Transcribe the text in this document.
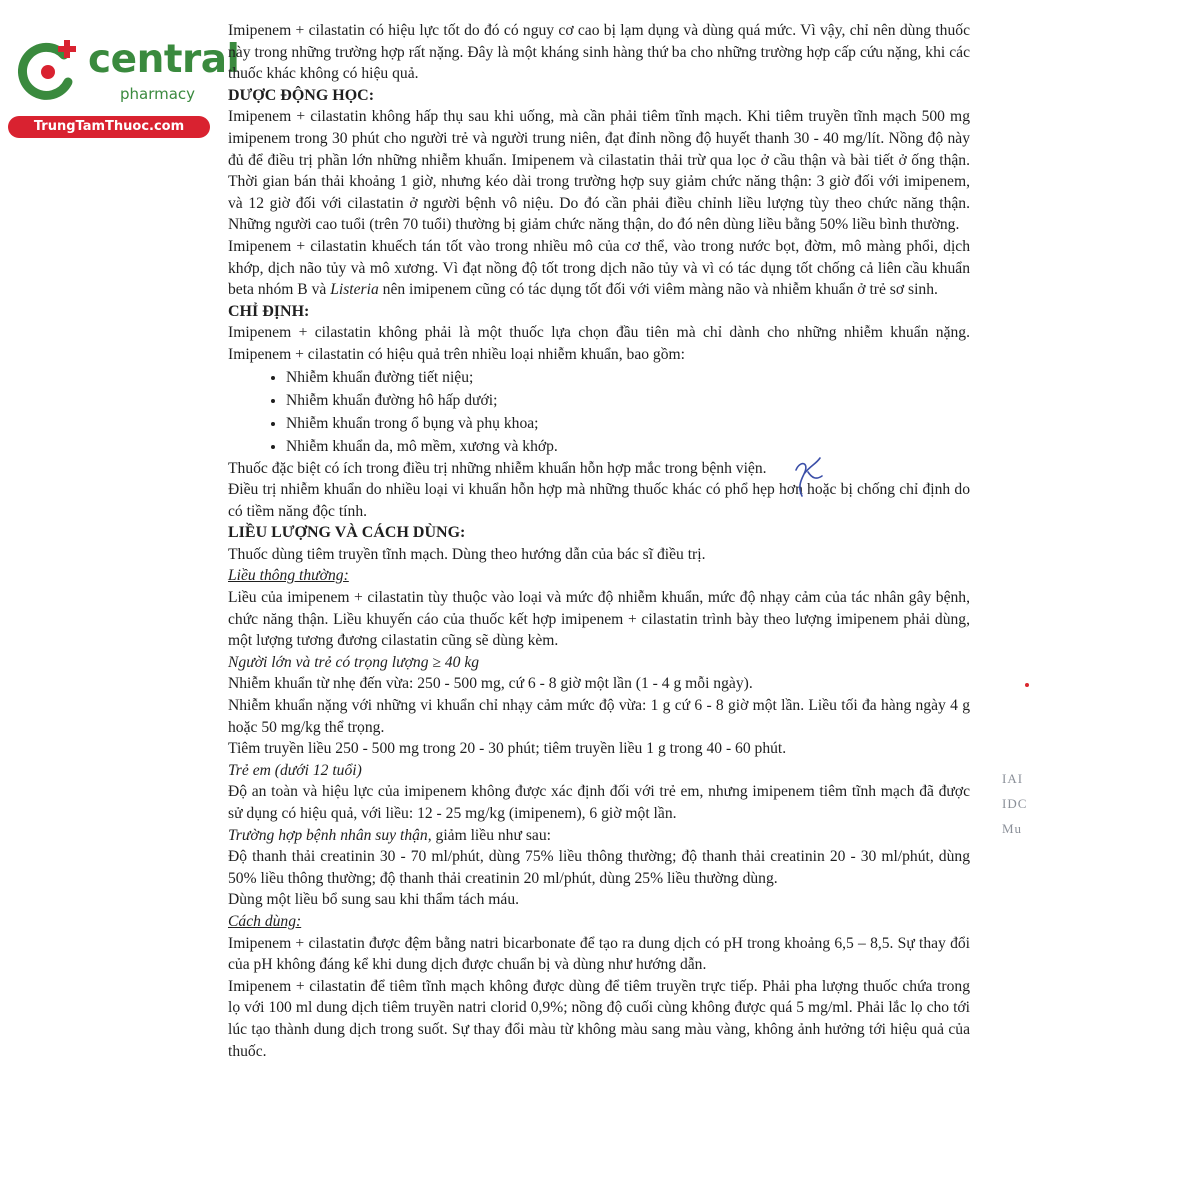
central
pharmacy
TrungTamThuoc.com

Imipenem + cilastatin có hiệu lực tốt do đó có nguy cơ cao bị lạm dụng và dùng quá mức. Vì vậy, chỉ nên dùng thuốc này trong những trường hợp rất nặng. Đây là một kháng sinh hàng thứ ba cho những trường hợp cấp cứu nặng, khi các thuốc khác không có hiệu quả.

DƯỢC ĐỘNG HỌC:

Imipenem + cilastatin không hấp thụ sau khi uống, mà cần phải tiêm tĩnh mạch. Khi tiêm truyền tĩnh mạch 500 mg imipenem trong 30 phút cho người trẻ và người trung niên, đạt đỉnh nồng độ huyết thanh 30 - 40 mg/lít. Nồng độ này đủ để điều trị phần lớn những nhiễm khuẩn. Imipenem và cilastatin thải trừ qua lọc ở cầu thận và bài tiết ở ống thận. Thời gian bán thải khoảng 1 giờ, nhưng kéo dài trong trường hợp suy giảm chức năng thận: 3 giờ đối với imipenem, và 12 giờ đối với cilastatin ở người bệnh vô niệu. Do đó cần phải điều chỉnh liều lượng tùy theo chức năng thận. Những người cao tuổi (trên 70 tuổi) thường bị giảm chức năng thận, do đó nên dùng liều bằng 50% liều bình thường.

Imipenem + cilastatin khuếch tán tốt vào trong nhiều mô của cơ thể, vào trong nước bọt, đờm, mô màng phổi, dịch khớp, dịch não tủy và mô xương. Vì đạt nồng độ tốt trong dịch não tủy và vì có tác dụng tốt chống cả liên cầu khuẩn beta nhóm B và Listeria nên imipenem cũng có tác dụng tốt đối với viêm màng não và nhiễm khuẩn ở trẻ sơ sinh.

CHỈ ĐỊNH:

Imipenem + cilastatin không phải là một thuốc lựa chọn đầu tiên mà chỉ dành cho những nhiễm khuẩn nặng. Imipenem + cilastatin có hiệu quả trên nhiều loại nhiễm khuẩn, bao gồm:

• Nhiễm khuẩn đường tiết niệu;
• Nhiễm khuẩn đường hô hấp dưới;
• Nhiễm khuẩn trong ổ bụng và phụ khoa;
• Nhiễm khuẩn da, mô mềm, xương và khớp.

Thuốc đặc biệt có ích trong điều trị những nhiễm khuẩn hỗn hợp mắc trong bệnh viện.

Điều trị nhiễm khuẩn do nhiều loại vi khuẩn hỗn hợp mà những thuốc khác có phổ hẹp hơn hoặc bị chống chỉ định do có tiềm năng độc tính.

LIỀU LƯỢNG VÀ CÁCH DÙNG:

Thuốc dùng tiêm truyền tĩnh mạch. Dùng theo hướng dẫn của bác sĩ điều trị.

Liều thông thường:

Liều của imipenem + cilastatin tùy thuộc vào loại và mức độ nhiễm khuẩn, mức độ nhạy cảm của tác nhân gây bệnh, chức năng thận. Liều khuyến cáo của thuốc kết hợp imipenem + cilastatin trình bày theo lượng imipenem phải dùng, một lượng tương đương cilastatin cũng sẽ dùng kèm.

Người lớn và trẻ có trọng lượng ≥ 40 kg

Nhiễm khuẩn từ nhẹ đến vừa: 250 - 500 mg, cứ 6 - 8 giờ một lần (1 - 4 g mỗi ngày).

Nhiễm khuẩn nặng với những vi khuẩn chỉ nhạy cảm mức độ vừa: 1 g cứ 6 - 8 giờ một lần. Liều tối đa hàng ngày 4 g hoặc 50 mg/kg thể trọng.

Tiêm truyền liều 250 - 500 mg trong 20 - 30 phút; tiêm truyền liều 1 g trong 40 - 60 phút.

Trẻ em (dưới 12 tuổi)

Độ an toàn và hiệu lực của imipenem không được xác định đối với trẻ em, nhưng imipenem tiêm tĩnh mạch đã được sử dụng có hiệu quả, với liều: 12 - 25 mg/kg (imipenem), 6 giờ một lần.

Trường hợp bệnh nhân suy thận, giảm liều như sau:

Độ thanh thải creatinin 30 - 70 ml/phút, dùng 75% liều thông thường; độ thanh thải creatinin 20 - 30 ml/phút, dùng 50% liều thông thường; độ thanh thải creatinin 20 ml/phút, dùng 25% liều thường dùng.

Dùng một liều bổ sung sau khi thẩm tách máu.

Cách dùng:

Imipenem + cilastatin được đệm bằng natri bicarbonate để tạo ra dung dịch có pH trong khoảng 6,5 – 8,5. Sự thay đổi của pH không đáng kể khi dung dịch được chuẩn bị và dùng như hướng dẫn.

Imipenem + cilastatin để tiêm tĩnh mạch không được dùng để tiêm truyền trực tiếp. Phải pha lượng thuốc chứa trong lọ với 100 ml dung dịch tiêm truyền natri clorid 0,9%; nồng độ cuối cùng không được quá 5 mg/ml. Phải lắc lọ cho tới lúc tạo thành dung dịch trong suốt. Sự thay đổi màu từ không màu sang màu vàng, không ảnh hưởng tới hiệu quả của thuốc.

IAI
IDC
Mu
